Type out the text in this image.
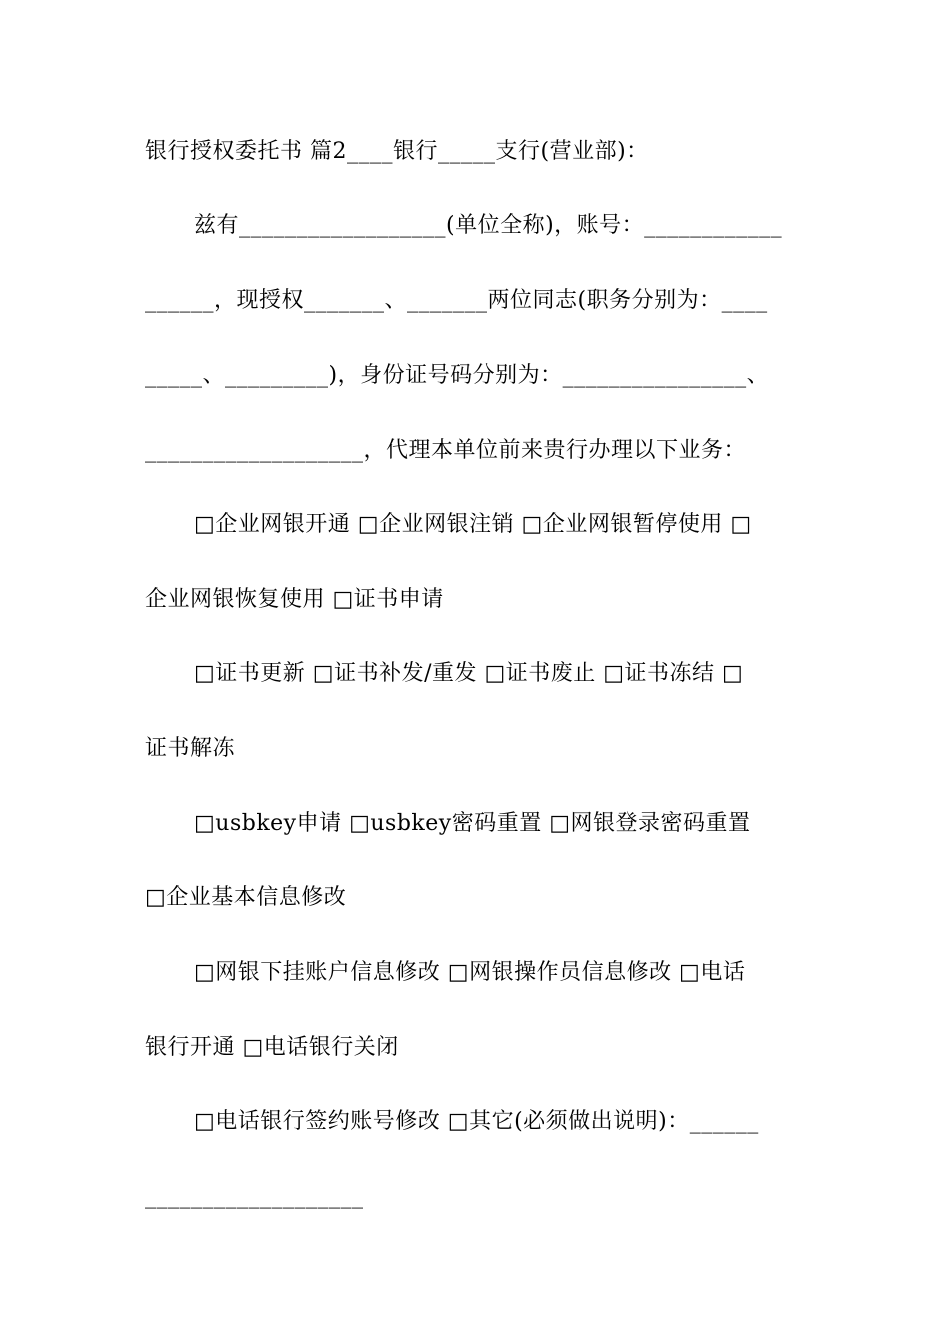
银行授权委托书 篇2____银行_____支行(营业部)：
兹有__________________(单位全称)，账号：____________
______，现授权_______、_______两位同志(职务分别为：____
_____、_________)，身份证号码分别为：________________、
___________________，代理本单位前来贵行办理以下业务：
□企业网银开通 □企业网银注销 □企业网银暂停使用 □
企业网银恢复使用 □证书申请
□证书更新 □证书补发/重发 □证书废止 □证书冻结 □
证书解冻
□usbkey申请 □usbkey密码重置 □网银登录密码重置
□企业基本信息修改
□网银下挂账户信息修改 □网银操作员信息修改 □电话
银行开通 □电话银行关闭
□电话银行签约账号修改 □其它(必须做出说明)：______
___________________
